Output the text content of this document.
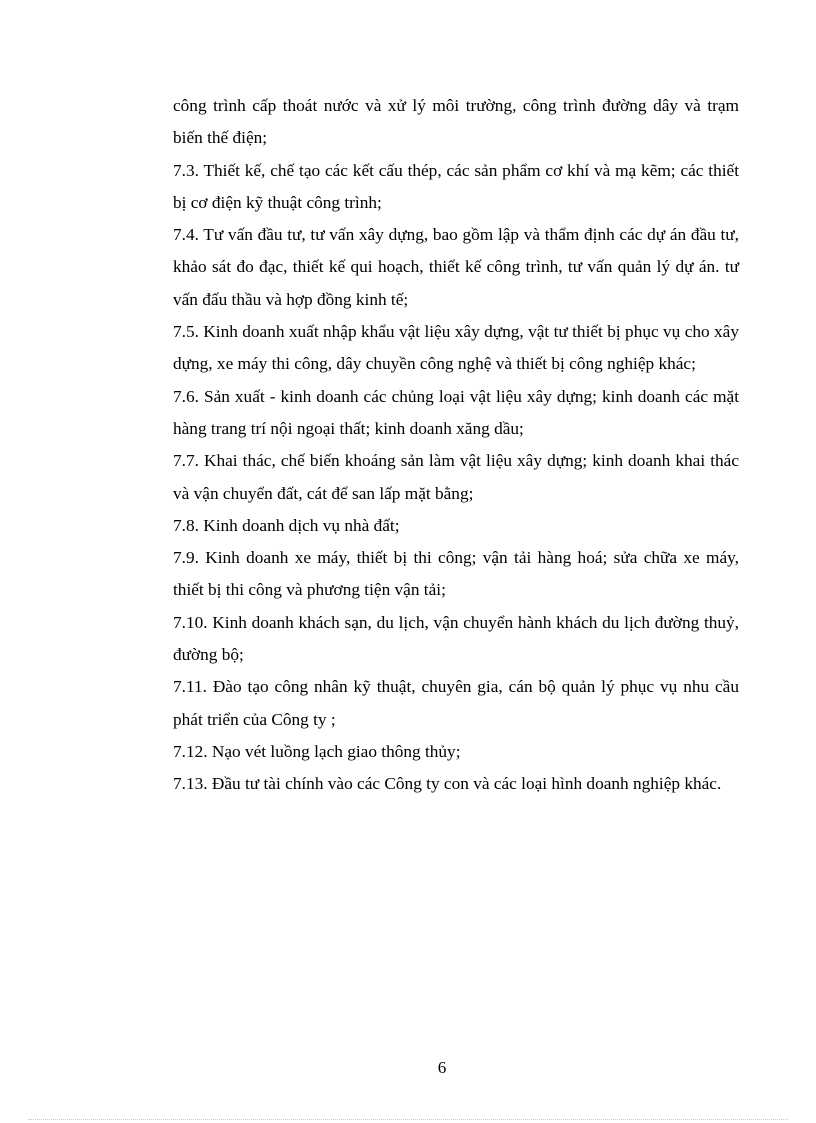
công trình cấp thoát nước và xử lý môi trường, công trình đường dây và trạm biến thế điện;

7.3. Thiết kế, chế tạo các kết cấu thép, các sản phẩm cơ khí và mạ kẽm; các thiết bị cơ điện kỹ thuật công trình;

7.4. Tư vấn đầu tư, tư vấn xây dựng, bao gồm lập và thẩm định các dự án đầu tư, khảo sát đo đạc, thiết kế qui hoạch, thiết kế công trình, tư vấn quản lý dự án. tư vấn đấu thầu và hợp đồng kinh tế;

7.5. Kinh doanh xuất nhập khẩu vật liệu xây dựng, vật tư thiết bị phục vụ cho xây dựng, xe máy thi công, dây chuyền công nghệ và thiết bị công nghiệp khác;

7.6. Sản xuất - kinh doanh các chủng loại vật liệu xây dựng; kinh doanh các mặt hàng trang trí nội ngoại thất; kinh doanh xăng dầu;

7.7. Khai thác, chế biến khoáng sản làm vật liệu xây dựng; kinh doanh khai thác và vận chuyển đất, cát để san lấp mặt bằng;

7.8. Kinh doanh dịch vụ nhà đất;

7.9. Kinh doanh xe máy, thiết bị thi công; vận tải hàng hoá; sửa chữa xe máy, thiết bị thi công và phương tiện vận tải;

7.10. Kinh doanh khách sạn, du lịch, vận chuyển hành khách du lịch đường thuỷ, đường bộ;

7.11. Đào tạo công nhân kỹ thuật, chuyên gia, cán bộ quản lý phục vụ nhu cầu phát triển của Công ty ;

7.12. Nạo vét luồng lạch giao thông thủy;

7.13. Đầu tư tài chính vào các Công ty con và các loại hình doanh nghiệp khác.

6
